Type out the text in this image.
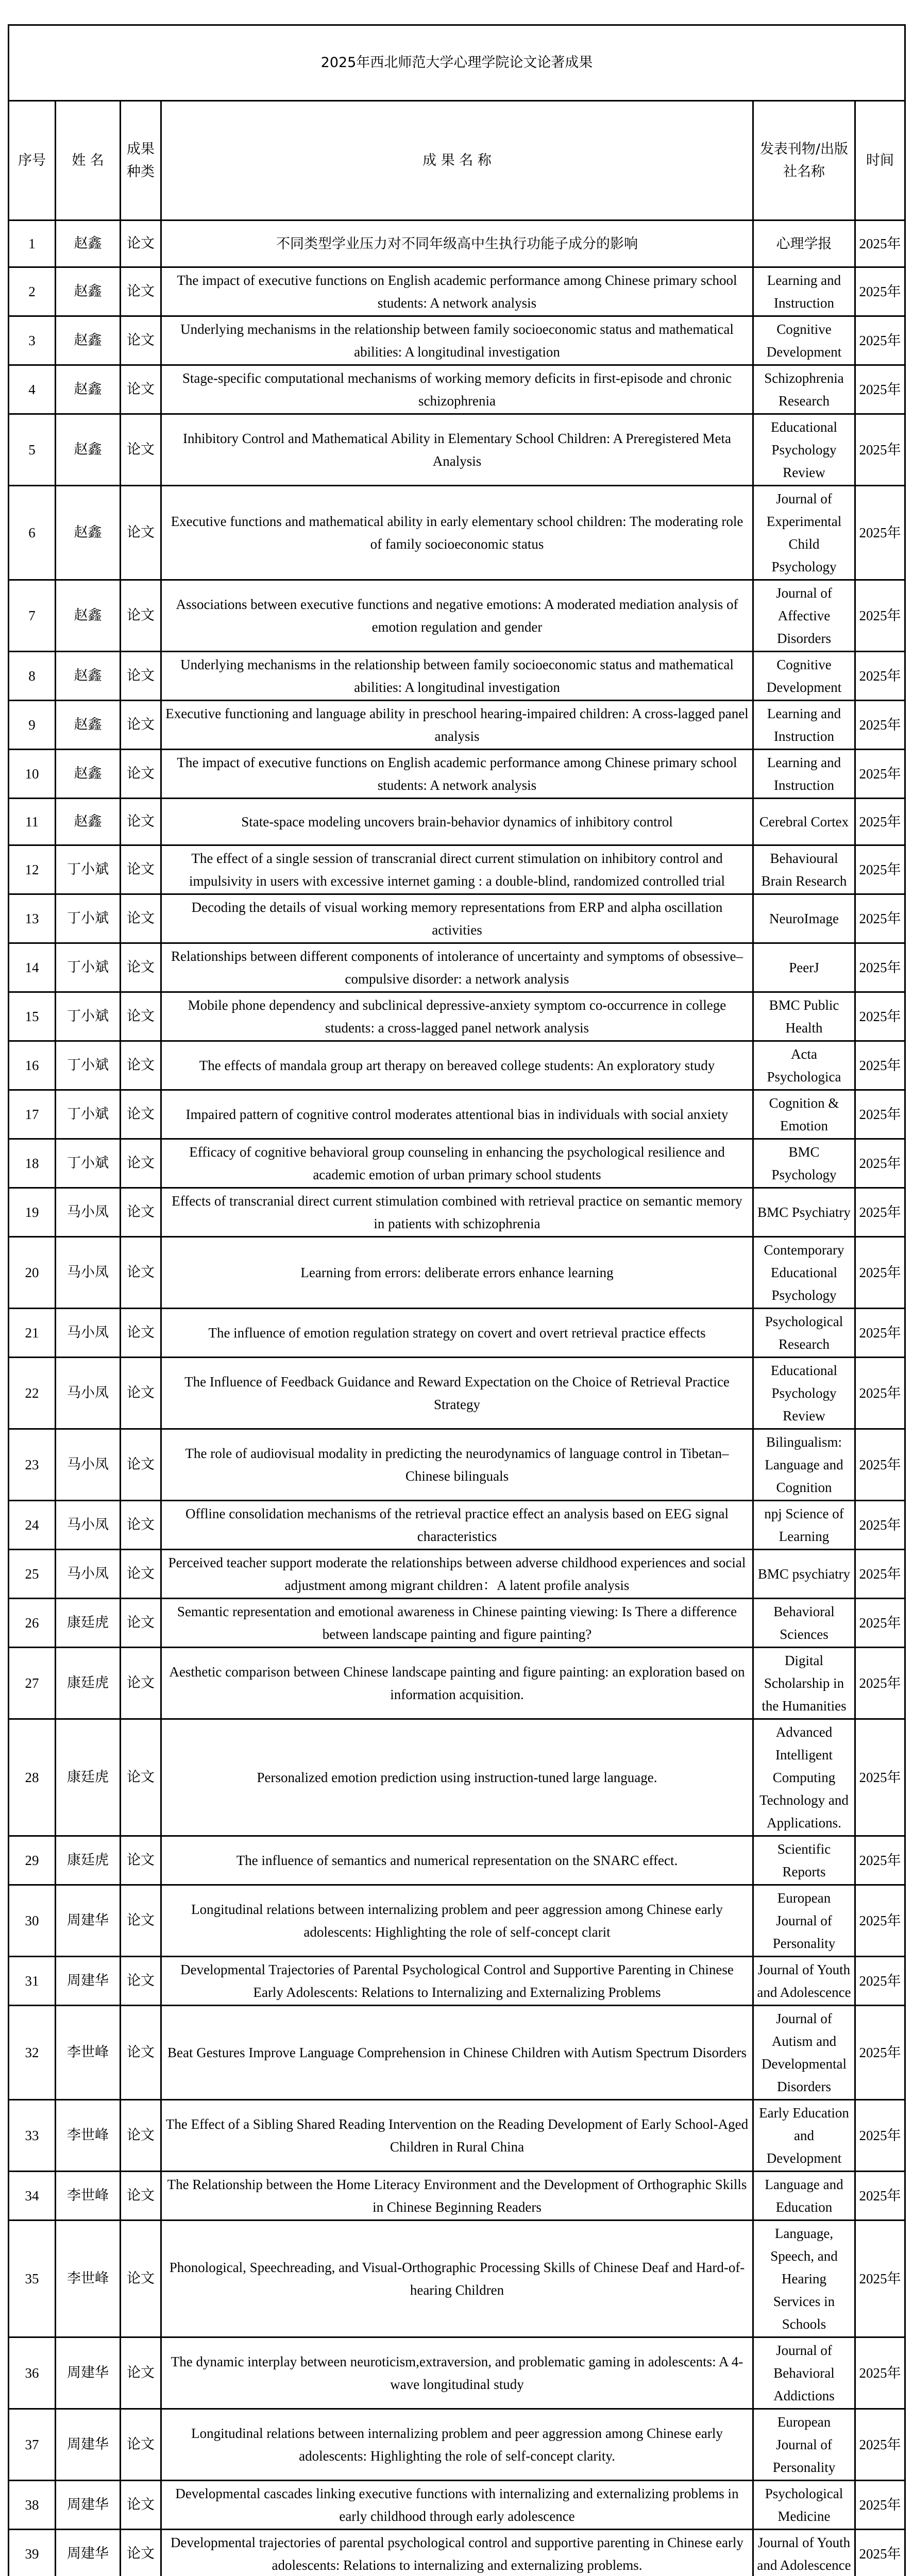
2025年西北师范大学心理学院论文论著成果					
序号	姓 名	成果种类	成 果 名 称	发表刊物/出版社名称	时间
1	赵鑫	论文	不同类型学业压力对不同年级高中生执行功能子成分的影响	心理学报	2025年
2	赵鑫	论文	The impact of executive functions on English academic performance among Chinese primary school students: A network analysis	Learning and Instruction	2025年
3	赵鑫	论文	Underlying mechanisms in the relationship between family socioeconomic status and mathematical abilities: A longitudinal investigation	Cognitive Development	2025年
4	赵鑫	论文	Stage-specific computational mechanisms of working memory deficits in first-episode and chronic schizophrenia	Schizophrenia Research	2025年
5	赵鑫	论文	Inhibitory Control and Mathematical Ability in Elementary School Children: A Preregistered Meta Analysis	Educational Psychology Review	2025年
6	赵鑫	论文	Executive functions and mathematical ability in early elementary school children: The moderating role of family socioeconomic status	Journal of Experimental Child Psychology	2025年
7	赵鑫	论文	Associations between executive functions and negative emotions: A moderated mediation analysis of emotion regulation and gender	Journal of Affective Disorders	2025年
8	赵鑫	论文	Underlying mechanisms in the relationship between family socioeconomic status and mathematical abilities: A longitudinal investigation	Cognitive Development	2025年
9	赵鑫	论文	Executive functioning and language ability in preschool hearing-impaired children: A cross-lagged panel analysis	Learning and Instruction	2025年
10	赵鑫	论文	The impact of executive functions on English academic performance among Chinese primary school students: A network analysis	Learning and Instruction	2025年
11	赵鑫	论文	State-space modeling uncovers brain-behavior dynamics of inhibitory control	Cerebral Cortex	2025年
12	丁小斌	论文	The effect of a single session of transcranial direct current stimulation on inhibitory control and impulsivity in users with excessive internet gaming : a double-blind, randomized controlled trial	Behavioural Brain Research	2025年
13	丁小斌	论文	Decoding the details of visual working memory representations from ERP and alpha oscillation activities	NeuroImage	2025年
14	丁小斌	论文	Relationships between different components of intolerance of uncertainty and symptoms of obsessive–compulsive disorder: a network analysis	PeerJ	2025年
15	丁小斌	论文	Mobile phone dependency and subclinical depressive-anxiety symptom co-occurrence in college students: a cross-lagged panel network analysis	BMC Public Health	2025年
16	丁小斌	论文	The effects of mandala group art therapy on bereaved college students: An exploratory study	Acta Psychologica	2025年
17	丁小斌	论文	Impaired pattern of cognitive control moderates attentional bias in individuals with social anxiety	Cognition & Emotion	2025年
18	丁小斌	论文	Efficacy of cognitive behavioral group counseling in enhancing the psychological resilience and academic emotion of urban primary school students	BMC Psychology	2025年
19	马小凤	论文	Effects of transcranial direct current stimulation combined with retrieval practice on semantic memory in patients with schizophrenia	BMC Psychiatry	2025年
20	马小凤	论文	Learning from errors: deliberate errors enhance learning	Contemporary Educational Psychology	2025年
21	马小凤	论文	The influence of emotion regulation strategy on covert and overt retrieval practice effects	Psychological Research	2025年
22	马小凤	论文	The Influence of Feedback Guidance and Reward Expectation on the Choice of Retrieval Practice Strategy	Educational Psychology Review	2025年
23	马小凤	论文	The role of audiovisual modality in predicting the neurodynamics of language control in Tibetan–Chinese bilinguals	Bilingualism: Language and Cognition	2025年
24	马小凤	论文	Offline consolidation mechanisms of the retrieval practice effect an analysis based on EEG signal characteristics	npj Science of Learning	2025年
25	马小凤	论文	Perceived teacher support moderate the relationships between adverse childhood experiences and social adjustment among migrant children：A latent profile analysis	BMC psychiatry	2025年
26	康廷虎	论文	Semantic representation and emotional awareness in Chinese painting viewing: Is There a difference between landscape painting and figure painting?	Behavioral Sciences	2025年
27	康廷虎	论文	Aesthetic comparison between Chinese landscape painting and figure painting: an exploration based on information acquisition.	Digital Scholarship in the Humanities	2025年
28	康廷虎	论文	Personalized emotion prediction using instruction-tuned large language.	Advanced Intelligent Computing Technology and Applications.	2025年
29	康廷虎	论文	The influence of semantics and numerical representation on the SNARC effect.	Scientific Reports	2025年
30	周建华	论文	Longitudinal relations between internalizing problem and peer aggression among Chinese early adolescents: Highlighting the role of self-concept clarit	European Journal of Personality	2025年
31	周建华	论文	Developmental Trajectories of Parental Psychological Control and Supportive Parenting in Chinese Early Adolescents: Relations to Internalizing and Externalizing Problems	Journal of Youth and Adolescence	2025年
32	李世峰	论文	Beat Gestures Improve Language Comprehension in Chinese Children with Autism Spectrum Disorders	Journal of Autism and Developmental Disorders	2025年
33	李世峰	论文	The Effect of a Sibling Shared Reading Intervention on the Reading Development of Early School-Aged Children in Rural China	Early Education and Development	2025年
34	李世峰	论文	The Relationship between the Home Literacy Environment and the Development of Orthographic Skills in Chinese Beginning Readers	Language and Education	2025年
35	李世峰	论文	Phonological, Speechreading, and Visual-Orthographic Processing Skills of Chinese Deaf and Hard-of-hearing Children	Language, Speech, and Hearing Services in Schools	2025年
36	周建华	论文	The dynamic interplay between neuroticism,extraversion, and problematic gaming in adolescents: A 4-wave longitudinal study	Journal of Behavioral Addictions	2025年
37	周建华	论文	Longitudinal relations between internalizing problem and peer aggression among Chinese early adolescents: Highlighting the role of self-concept clarity.	European Journal of Personality	2025年
38	周建华	论文	Developmental cascades linking executive functions with internalizing and externalizing problems in early childhood through early adolescence	Psychological Medicine	2025年
39	周建华	论文	Developmental trajectories of parental psychological control and supportive parenting in Chinese early adolescents: Relations to internalizing and externalizing problems.	Journal of Youth and Adolescence	2025年
